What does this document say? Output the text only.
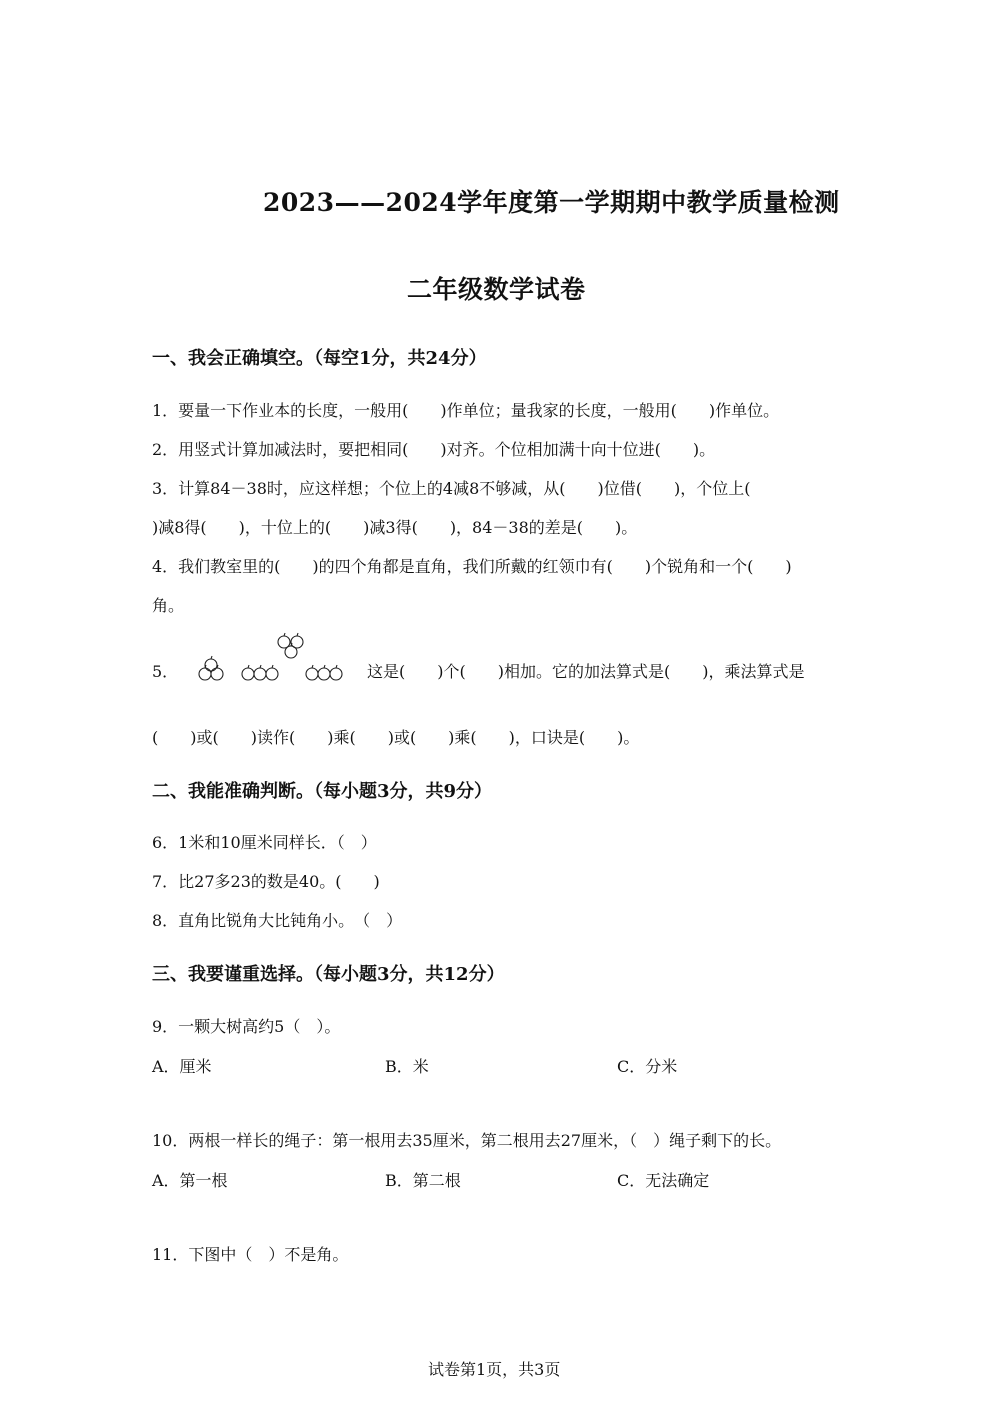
2023——2024学年度第一学期期中教学质量检测
二年级数学试卷
一、我会正确填空。（每空1分，共24分）
1．要量一下作业本的长度，一般用(　　)作单位；量我家的长度，一般用(　　)作单位。
2．用竖式计算加减法时，要把相同(　　)对齐。个位相加满十向十位进(　　)。
3．计算84－38时，应这样想；个位上的4减8不够减，从(　　)位借(　　)，个位上(
)减8得(　　)，十位上的(　　)减3得(　　)，84－38的差是(　　)。
4．我们教室里的(　　)的四个角都是直角，我们所戴的红领巾有(　　)个锐角和一个(　　)
角。
5．	这是(　　)个(　　)相加。它的加法算式是(　　)，乘法算式是
(　　)或(　　)读作(　　)乘(　　)或(　　)乘(　　)，口诀是(　　)。
二、我能准确判断。（每小题3分，共9分）
6．1米和10厘米同样长．（　）
7．比27多23的数是40。(　　)
8．直角比锐角大比钝角小。　（　）
三、我要谨重选择。（每小题3分，共12分）
9．一颗大树高约5（　）。
A．厘米	B．米	C．分米
10．两根一样长的绳子：第一根用去35厘米，第二根用去27厘米，（　）绳子剩下的长。
A．第一根	B．第二根	C．无法确定
11．下图中（　）不是角。
试卷第1页，共3页
